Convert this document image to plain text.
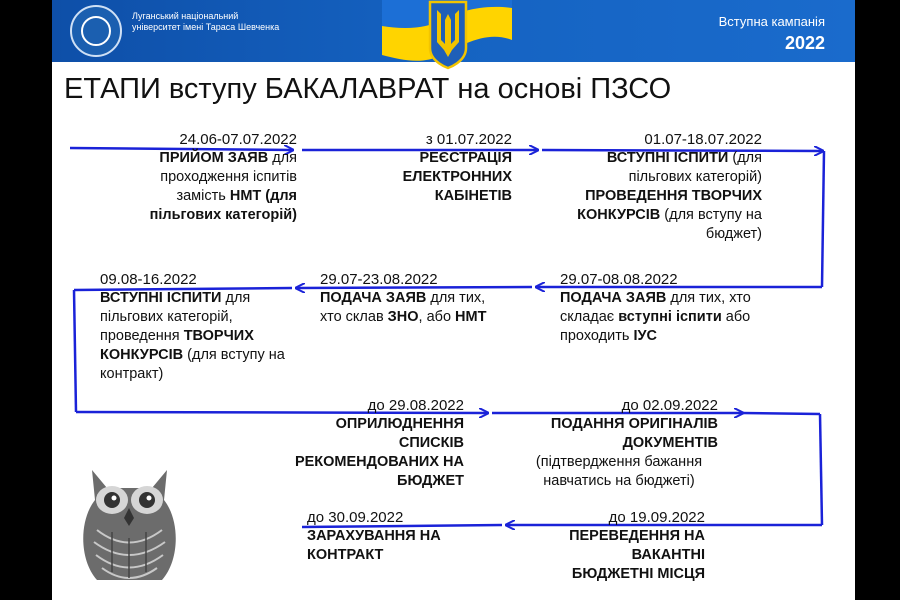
Луганський національний університет імені Тараса Шевченка	Вступна кампанія
2022
ЕТАПИ вступу БАКАЛАВРАТ на основі ПЗСО
24.06-07.07.2022
ПРИЙОМ ЗАЯВ для проходження іспитів замість НМТ (для пільгових категорій)
з 01.07.2022
РЕЄСТРАЦІЯ ЕЛЕКТРОННИХ КАБІНЕТІВ
01.07-18.07.2022
ВСТУПНІ ІСПИТИ (для пільгових категорій)
ПРОВЕДЕННЯ ТВОРЧИХ КОНКУРСІВ (для вступу на бюджет)
29.07-08.08.2022
ПОДАЧА ЗАЯВ для тих, хто складає вступні іспити або проходить ІУС
29.07-23.08.2022
ПОДАЧА ЗАЯВ для тих, хто склав ЗНО, або НМТ
09.08-16.2022
ВСТУПНІ ІСПИТИ для пільгових категорій, проведення ТВОРЧИХ КОНКУРСІВ (для вступу на контракт)
до 29.08.2022
ОПРИЛЮДНЕННЯ СПИСКІВ РЕКОМЕНДОВАНИХ НА БЮДЖЕТ
до 02.09.2022
ПОДАННЯ ОРИГІНАЛІВ ДОКУМЕНТІВ
(підтвердження бажання навчатись на бюджеті)
до 19.09.2022
ПЕРЕВЕДЕННЯ НА ВАКАНТНІ БЮДЖЕТНІ МІСЦЯ
до 30.09.2022
ЗАРАХУВАННЯ НА КОНТРАКТ
